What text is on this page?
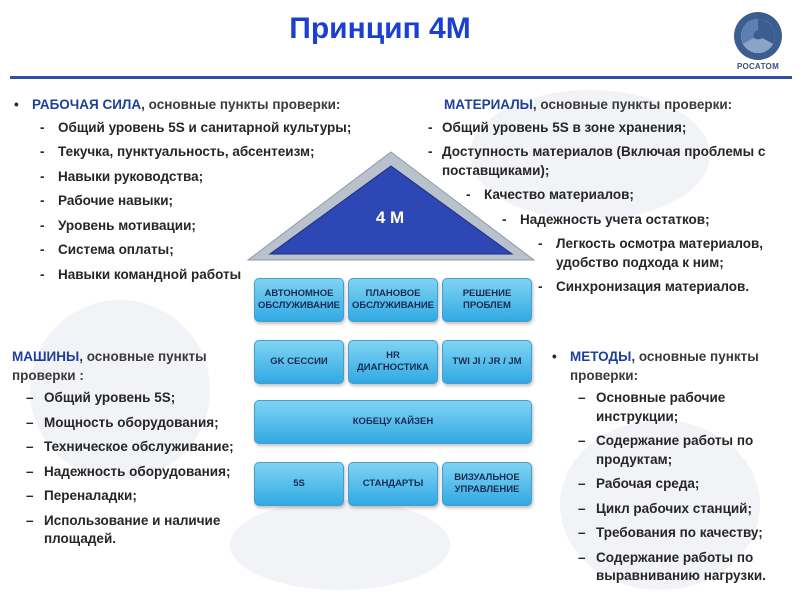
Принцип 4М
РОСАТОМ
• РАБОЧАЯ СИЛА, основные пункты проверки:
- Общий уровень 5S и санитарной культуры;
- Текучка, пунктуальность, абсентеизм;
- Навыки руководства;
- Рабочие навыки;
- Уровень мотивации;
- Система оплаты;
- Навыки командной работы
МАТЕРИАЛЫ, основные пункты проверки:
- Общий уровень 5S в зоне хранения;
- Доступность материалов (Включая проблемы с поставщиками);
- Качество материалов;
- Надежность учета остатков;
- Легкость осмотра материалов, удобство подхода к ним;
- Синхронизация материалов.
МАШИНЫ, основные пункты проверки :
– Общий уровень 5S;
– Мощность оборудования;
– Техническое обслуживание;
– Надежность оборудования;
– Переналадки;
– Использование и наличие площадей.
• МЕТОДЫ, основные пункты проверки:
– Основные рабочие инструкции;
– Содержание работы по продуктам;
– Рабочая среда;
– Цикл рабочих станций;
– Требования по качеству;
– Содержание работы по выравниванию нагрузки.
4 М
АВТОНОМНОЕ ОБСЛУЖИВАНИЕ
ПЛАНОВОЕ ОБСЛУЖИВАНИЕ
РЕШЕНИЕ ПРОБЛЕМ
GK СЕССИИ
HR ДИАГНОСТИКА
TWI JI / JR / JM
КОБЕЦУ КАЙЗЕН
5S	СТАНДАРТЫ
ВИЗУАЛЬНОЕ УПРАВЛЕНИЕ
